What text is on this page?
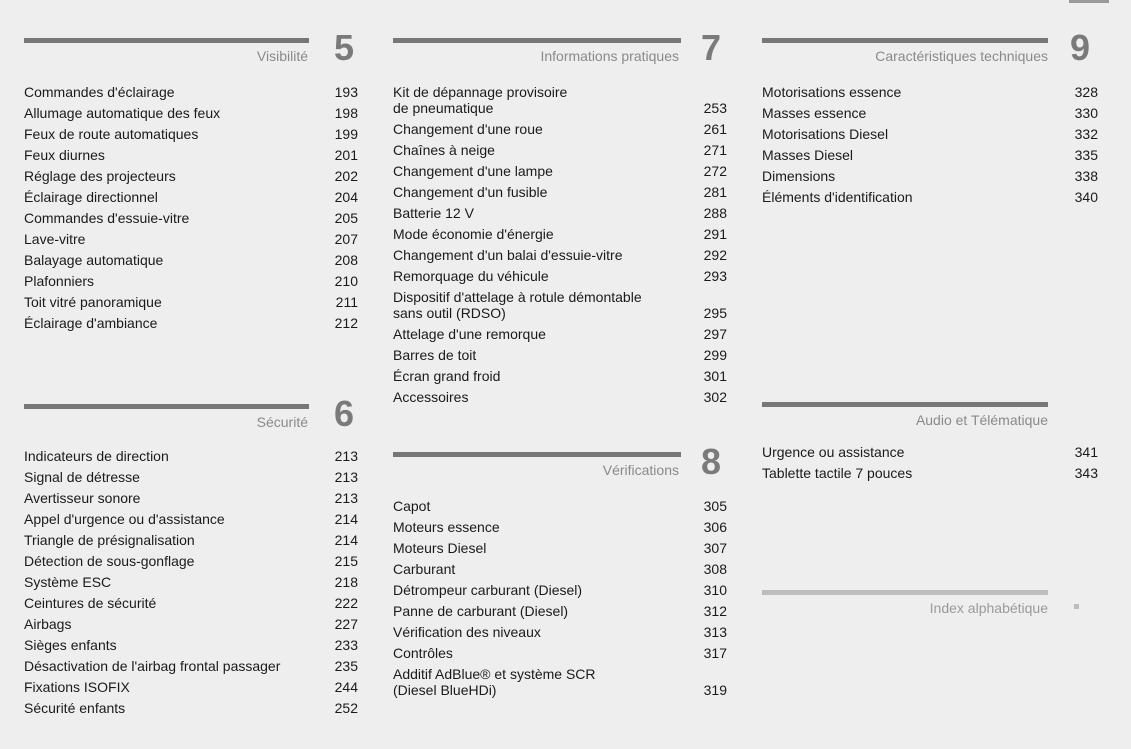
Visibilité 5
Commandes d'éclairage	193
Allumage automatique des feux	198
Feux de route automatiques	199
Feux diurnes	201
Réglage des projecteurs	202
Éclairage directionnel	204
Commandes d'essuie-vitre	205
Lave-vitre	207
Balayage automatique	208
Plafonniers	210
Toit vitré panoramique	211
Éclairage d'ambiance	212
Sécurité 6
Indicateurs de direction	213
Signal de détresse	213
Avertisseur sonore	213
Appel d'urgence ou d'assistance	214
Triangle de présignalisation	214
Détection de sous-gonflage	215
Système ESC	218
Ceintures de sécurité	222
Airbags	227
Sièges enfants	233
Désactivation de l'airbag frontal passager	235
Fixations ISOFIX	244
Sécurité enfants	252
Informations pratiques 7
Kit de dépannage provisoire
de pneumatique	253
Changement d'une roue	261
Chaînes à neige	271
Changement d'une lampe	272
Changement d'un fusible	281
Batterie 12 V	288
Mode économie d'énergie	291
Changement d'un balai d'essuie-vitre	292
Remorquage du véhicule	293
Dispositif d'attelage à rotule démontable
sans outil (RDSO)	295
Attelage d'une remorque	297
Barres de toit	299
Écran grand froid	301
Accessoires	302
Vérifications 8
Capot	305
Moteurs essence	306
Moteurs Diesel	307
Carburant	308
Détrompeur carburant (Diesel)	310
Panne de carburant (Diesel)	312
Vérification des niveaux	313
Contrôles	317
Additif AdBlue® et système SCR
(Diesel BlueHDi)	319
Caractéristiques techniques 9
Motorisations essence	328
Masses essence	330
Motorisations Diesel	332
Masses Diesel	335
Dimensions	338
Éléments d'identification	340
Audio et Télématique
Urgence ou assistance	341
Tablette tactile 7 pouces	343
Index alphabétique
